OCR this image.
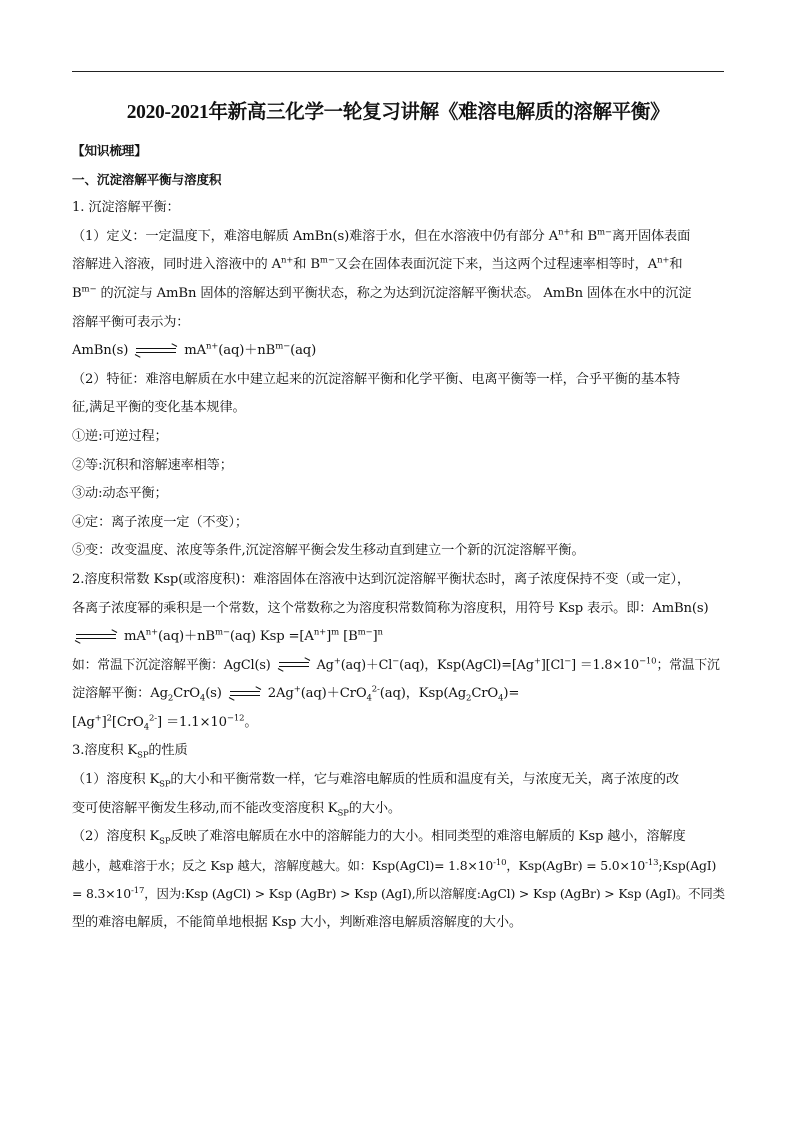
2020-2021年新高三化学一轮复习讲解《难溶电解质的溶解平衡》
【知识梳理】
一、沉淀溶解平衡与溶度积
1. 沉淀溶解平衡：
（1）定义：一定温度下，难溶电解质 AmBn(s)难溶于水，但在水溶液中仍有部分 $A^{n+}$和 $B^{m-}$离开固体表面
溶解进入溶液，同时进入溶液中的 $A^{n+}$和 $B^{m-}$又会在固体表面沉淀下来，当这两个过程速率相等时，$A^{n+}$和
$B^{m-}$ 的沉淀与 AmBn 固体的溶解达到平衡状态，称之为达到沉淀溶解平衡状态。 AmBn 固体在水中的沉淀
溶解平衡可表示为：
AmBn(s)	$mA^{n+}(aq)+nB^{m-}(aq)$
（2）特征：难溶电解质在水中建立起来的沉淀溶解平衡和化学平衡、电离平衡等一样，合乎平衡的基本特
征,满足平衡的变化基本规律。
①逆:可逆过程；
②等:沉积和溶解速率相等；
③动:动态平衡；
④定：离子浓度一定（不变）；
⑤变：改变温度、浓度等条件,沉淀溶解平衡会发生移动直到建立一个新的沉淀溶解平衡。
2.溶度积常数 Ksp(或溶度积)：难溶固体在溶液中达到沉淀溶解平衡状态时，离子浓度保持不变（或一定），
各离子浓度幂的乘积是一个常数，这个常数称之为溶度积常数简称为溶度积，用符号 Ksp 表示。即：AmBn(s)
$mA^{n+}(aq)+nB^{m-}(aq)$ Ksp $=[A^{n+}]^m$ $[B^{m-}]^n$
如：常温下沉淀溶解平衡：AgCl(s)	Ag+(aq)＋Cl−(aq)，Ksp(AgCl)=[Ag+][Cl−] $=1.8\times 10^{-10}$；常温下沉
淀溶解平衡：$Ag_2CrO_4(s)$	2Ag+(aq)＋CrO$_4^{2-}$(aq)，$Ksp(Ag_2CrO_4)=$
$[Ag^+]^2[CrO_4^{2-}] =1.1\times 10^{-12}$。
3.溶度积 $K_{SP}$的性质
（1）溶度积 $K_{SP}$的大小和平衡常数一样，它与难溶电解质的性质和温度有关，与浓度无关，离子浓度的改
变可使溶解平衡发生移动,而不能改变溶度积 $K_{SP}$的大小。
（2）溶度积 $K_{SP}$反映了难溶电解质在水中的溶解能力的大小。相同类型的难溶电解质的 Ksp 越小，溶解度
越小，越难溶于水；反之 Ksp 越大，溶解度越大。如：Ksp(AgCl)= $1.8\times 10^{-10}$，Ksp(AgBr) = $5.0\times 10^{-13};Ksp(AgI)$
= $8.3\times 10^{-17}$，因为:Ksp (AgCl) > Ksp (AgBr) > Ksp (AgI),所以溶解度:AgCl) > Ksp (AgBr) > Ksp (AgI)。不同类
型的难溶电解质，不能简单地根据 Ksp 大小，判断难溶电解质溶解度的大小。
